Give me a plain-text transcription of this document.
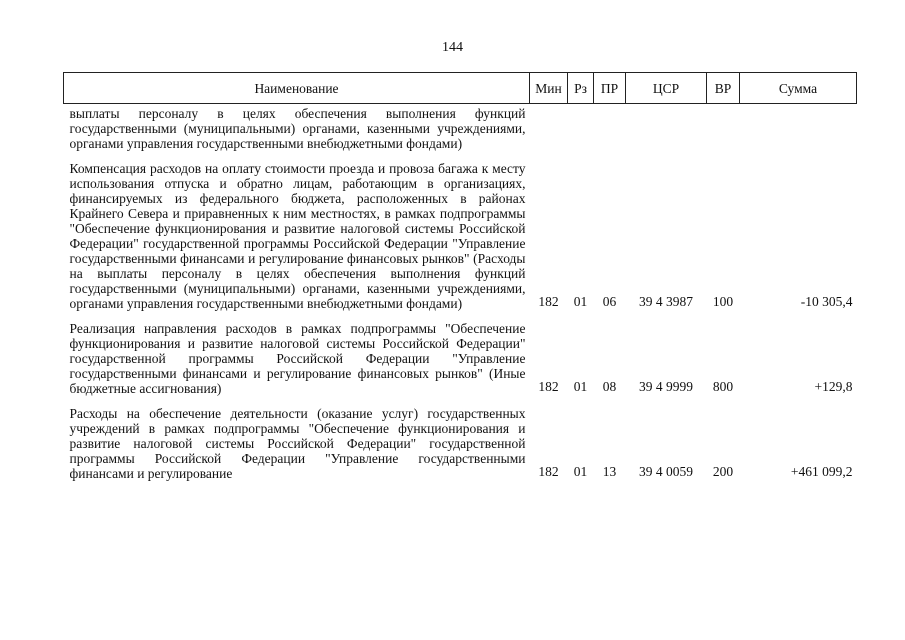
144
Наименование	Мин	Рз	ПР	ЦСР	ВР	Сумма
выплаты персоналу в целях обеспечения выполнения функций государственными (муниципальными) органами, казенными учреждениями, органами управления государственными внебюджетными фондами)						

Компенсация расходов на оплату стоимости проезда и провоза багажа к месту использования отпуска и обратно лицам, работающим в организациях, финансируемых из федерального бюджета, расположенных в районах Крайнего Севера и приравненных к ним местностях, в рамках подпрограммы "Обеспечение функционирования и развитие налоговой системы Российской Федерации" государственной программы Российской Федерации "Управление государственными финансами и регулирование финансовых рынков" (Расходы на выплаты персоналу в целях обеспечения выполнения функций государственными (муниципальными) органами, казенными учреждениями, органами управления государственными внебюджетными фондами)	182	01	06	39 4 3987	100	-10 305,4

Реализация направления расходов в рамках подпрограммы "Обеспечение функционирования и развитие налоговой системы Российской Федерации" государственной программы Российской Федерации "Управление государственными финансами и регулирование финансовых рынков" (Иные бюджетные ассигнования)	182	01	08	39 4 9999	800	+129,8

Расходы на обеспечение деятельности (оказание услуг) государственных учреждений в рамках подпрограммы "Обеспечение функционирования и развитие налоговой системы Российской Федерации" государственной программы Российской Федерации "Управление государственными финансами и регулирование	182	01	13	39 4 0059	200	+461 099,2
